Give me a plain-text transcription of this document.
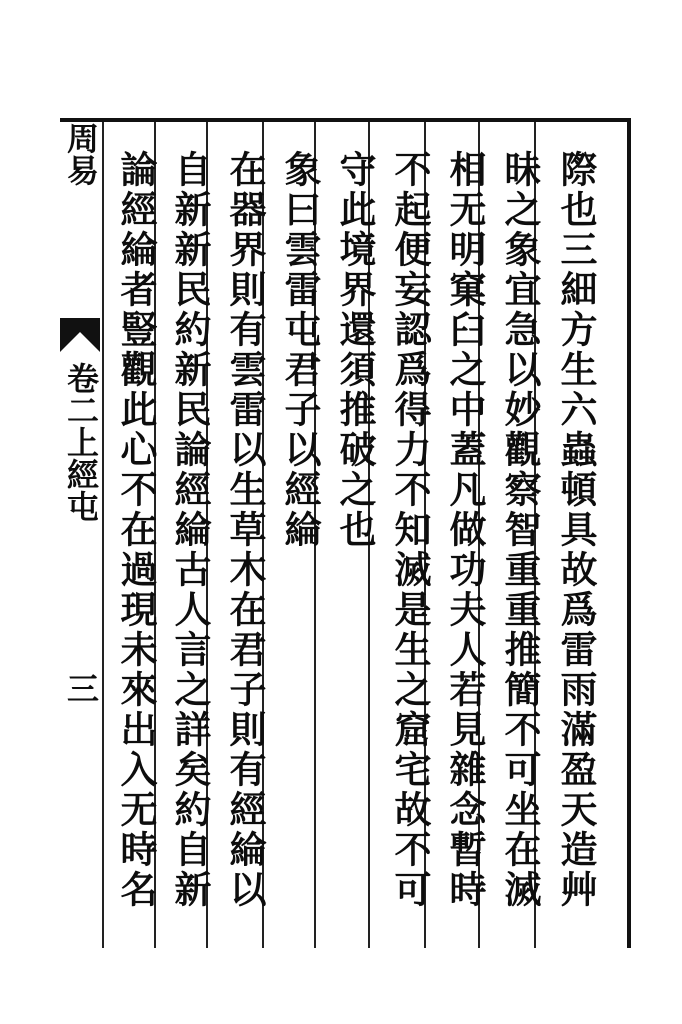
際也三細方生六蟲頓具故爲雷雨滿盈天造艸
昧之象宜急以妙觀察智重重推簡不可坐在滅
相无明窠臼之中蓋凡做功夫人若見雜念暫時
不起便妄認爲得力不知滅是生之窟宅故不可
守此境界還須推破之也
象曰雲雷屯君子以經綸
在器界則有雲雷以生草木在君子則有經綸以
自新新民約新民論經綸古人言之詳矣約自新
論經綸者豎觀此心不在過現未來出入无時名
周易
卷二上經屯
三
